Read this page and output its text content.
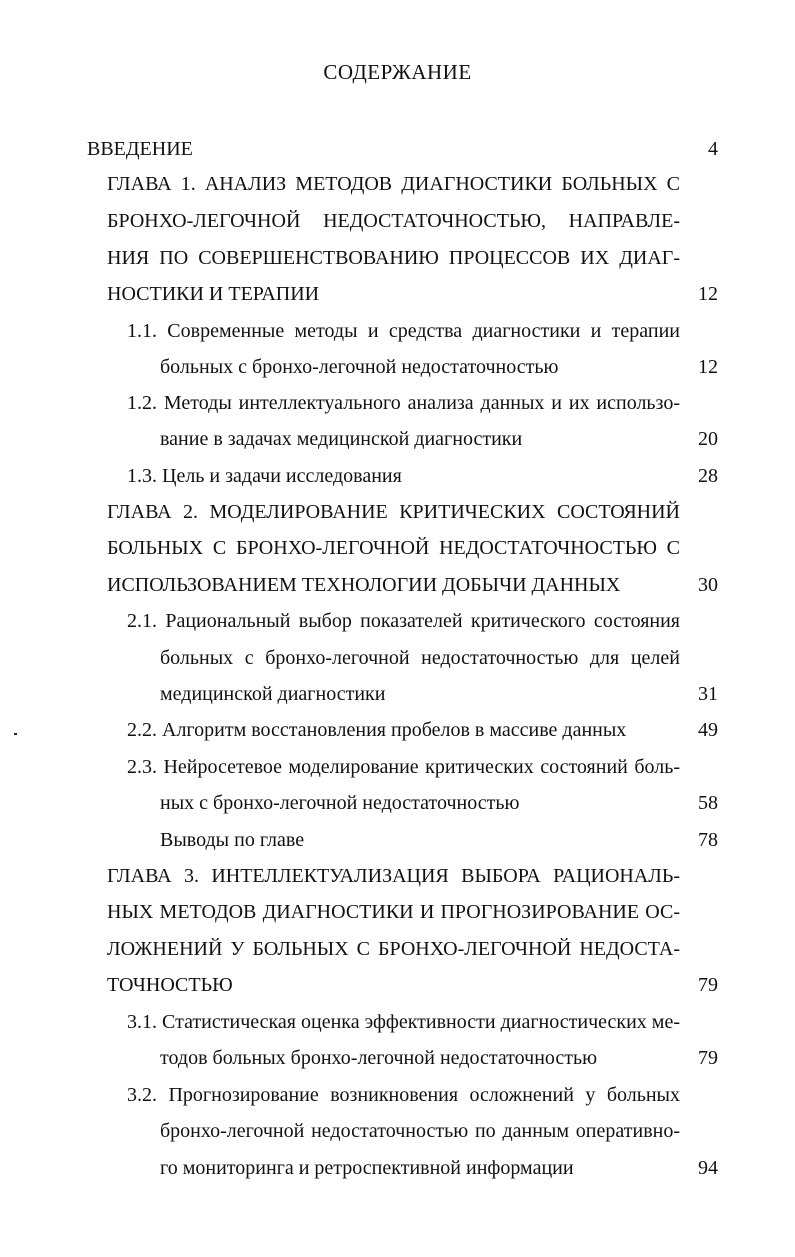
СОДЕРЖАНИЕ
ВВЕДЕНИЕ	4
ГЛАВА 1. АНАЛИЗ МЕТОДОВ ДИАГНОСТИКИ БОЛЬНЫХ С
БРОНХО-ЛЕГОЧНОЙ НЕДОСТАТОЧНОСТЬЮ, НАПРАВЛЕ-
НИЯ ПО СОВЕРШЕНСТВОВАНИЮ ПРОЦЕССОВ ИХ ДИАГ-
НОСТИКИ И ТЕРАПИИ	12
1.1. Современные методы и средства диагностики и терапии
больных с бронхо-легочной недостаточностью	12
1.2. Методы интеллектуального анализа данных и их использо-
вание в задачах медицинской диагностики	20
1.3. Цель и задачи исследования	28
ГЛАВА 2. МОДЕЛИРОВАНИЕ КРИТИЧЕСКИХ СОСТОЯНИЙ
БОЛЬНЫХ С БРОНХО-ЛЕГОЧНОЙ НЕДОСТАТОЧНОСТЬЮ С
ИСПОЛЬЗОВАНИЕМ ТЕХНОЛОГИИ ДОБЫЧИ ДАННЫХ	30
2.1. Рациональный выбор показателей критического состояния
больных с бронхо-легочной недостаточностью для целей
медицинской диагностики	31
2.2. Алгоритм восстановления пробелов в массиве данных	49
2.3. Нейросетевое моделирование критических состояний боль-
ных с бронхо-легочной недостаточностью	58
Выводы по главе	78
ГЛАВА 3. ИНТЕЛЛЕКТУАЛИЗАЦИЯ ВЫБОРА РАЦИОНАЛЬ-
НЫХ МЕТОДОВ ДИАГНОСТИКИ И ПРОГНОЗИРОВАНИЕ ОС-
ЛОЖНЕНИЙ У БОЛЬНЫХ С БРОНХО-ЛЕГОЧНОЙ НЕДОСТА-
ТОЧНОСТЬЮ	79
3.1. Статистическая оценка эффективности диагностических ме-
тодов больных бронхо-легочной недостаточностью	79
3.2. Прогнозирование возникновения осложнений у больных
бронхо-легочной недостаточностью по данным оперативно-
го мониторинга и ретроспективной информации	94
